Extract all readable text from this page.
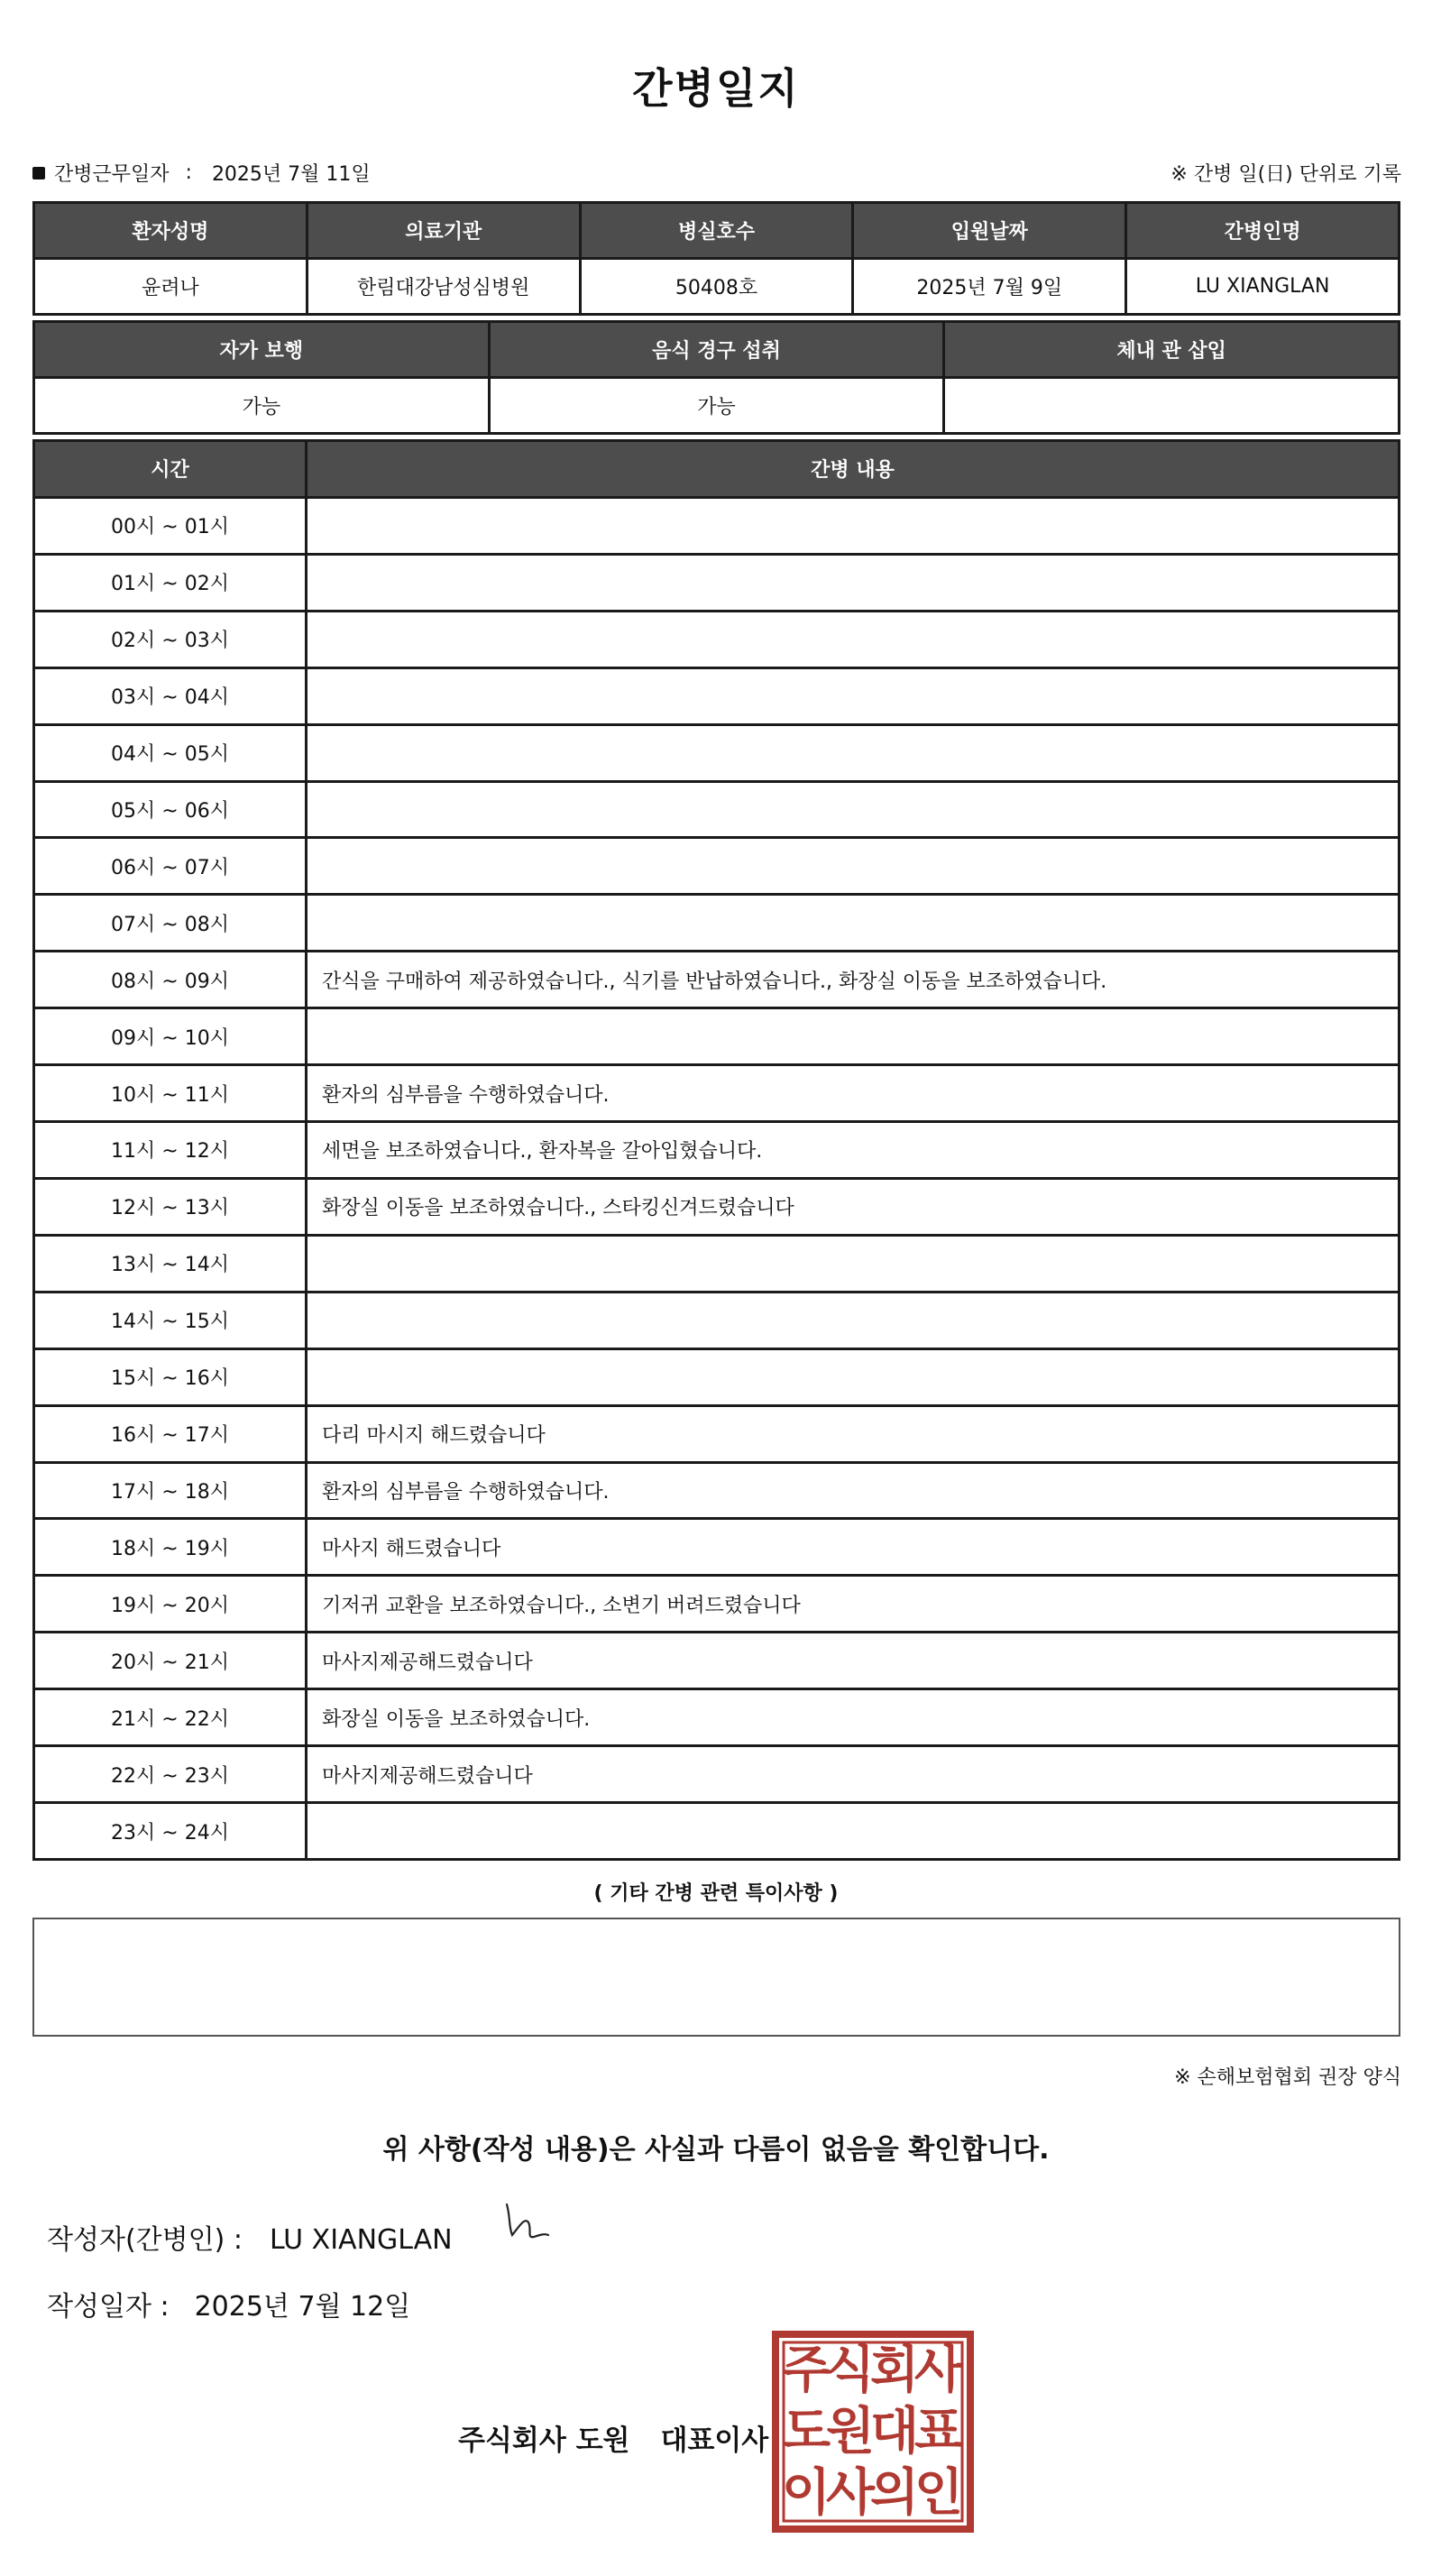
간병일지
간병근무일자 : 2025년 7월 11일	※ 간병 일(日) 단위로 기록
환자성명	의료기관	병실호수	입원날짜	간병인명
윤려나	한림대강남성심병원	50408호	2025년 7월 9일	LU XIANGLAN
자가 보행	음식 경구 섭취	체내 관 삽입
가능	가능
시간	간병 내용
00시 ~ 01시
01시 ~ 02시
02시 ~ 03시
03시 ~ 04시
04시 ~ 05시
05시 ~ 06시
06시 ~ 07시
07시 ~ 08시
08시 ~ 09시	간식을 구매하여 제공하였습니다., 식기를 반납하였습니다., 화장실 이동을 보조하였습니다.
09시 ~ 10시
10시 ~ 11시	환자의 심부름을 수행하였습니다.
11시 ~ 12시	세면을 보조하였습니다., 환자복을 갈아입혔습니다.
12시 ~ 13시	화장실 이동을 보조하였습니다., 스타킹신겨드렸습니다
13시 ~ 14시
14시 ~ 15시
15시 ~ 16시
16시 ~ 17시	다리 마시지 해드렸습니다
17시 ~ 18시	환자의 심부름을 수행하였습니다.
18시 ~ 19시	마사지 해드렸습니다
19시 ~ 20시	기저귀 교환을 보조하였습니다., 소변기 버려드렸습니다
20시 ~ 21시	마사지제공해드렸습니다
21시 ~ 22시	화장실 이동을 보조하였습니다.
22시 ~ 23시	마사지제공해드렸습니다
23시 ~ 24시
( 기타 간병 관련 특이사항 )
※ 손해보험협회 권장 양식
위 사항(작성 내용)은 사실과 다름이 없음을 확인합니다.
작성자(간병인) : LU XIANGLAN
작성일자 : 2025년 7월 12일
주식회사 도원 대표이사
주
식
회
사
도
원
대
표
이
사
의
인
